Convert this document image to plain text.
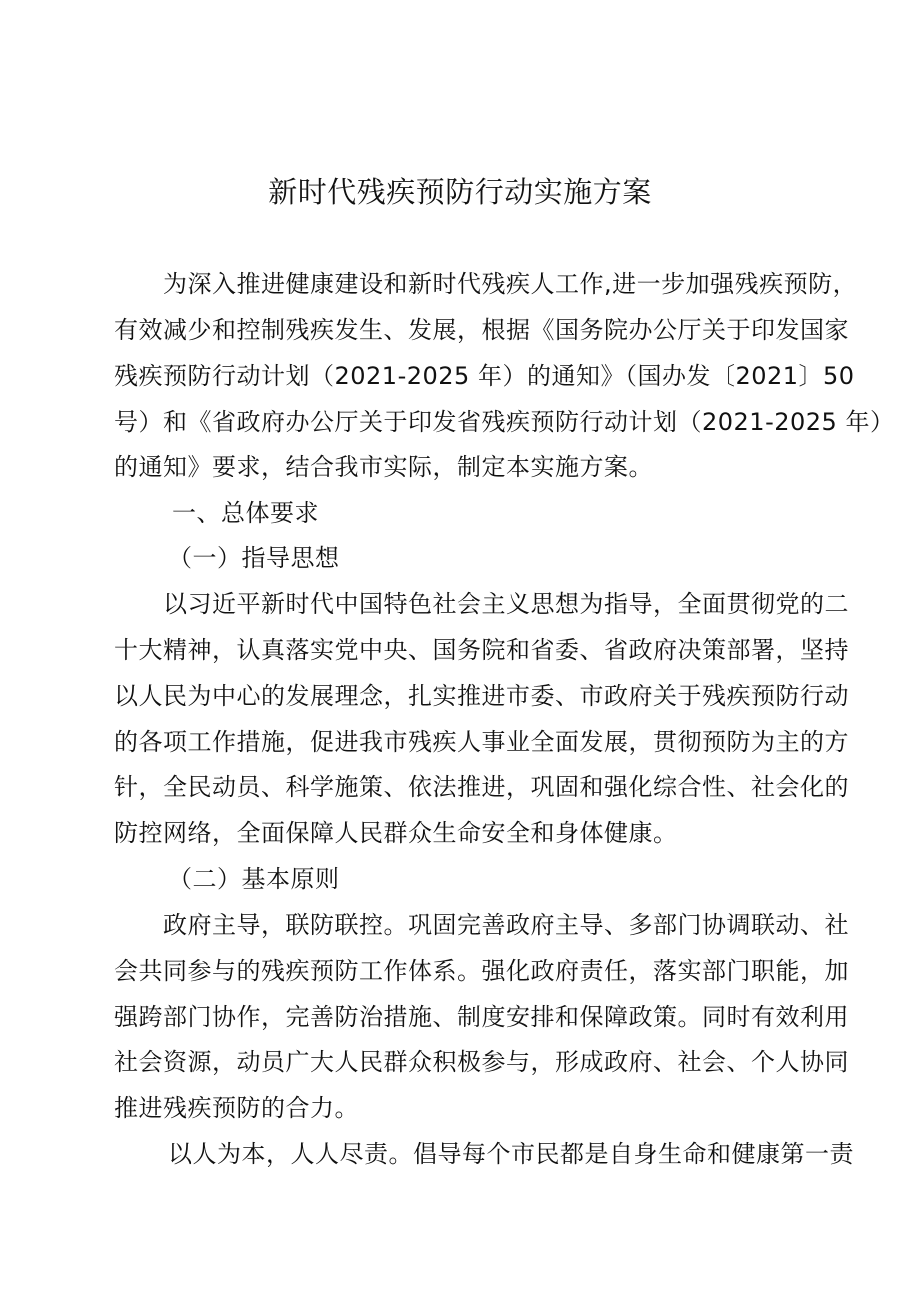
新时代残疾预防行动实施方案
为深入推进健康建设和新时代残疾人工作,进一步加强残疾预防，
有效减少和控制残疾发生、发展，根据《国务院办公厅关于印发国家
残疾预防行动计划（2021-2025 年）的通知》（国办发〔2021〕50
号）和《省政府办公厅关于印发省残疾预防行动计划（2021-2025 年）
的通知》要求，结合我市实际，制定本实施方案。
一、总体要求
（一）指导思想
以习近平新时代中国特色社会主义思想为指导，全面贯彻党的二
十大精神，认真落实党中央、国务院和省委、省政府决策部署，坚持
以人民为中心的发展理念，扎实推进市委、市政府关于残疾预防行动
的各项工作措施，促进我市残疾人事业全面发展，贯彻预防为主的方
针，全民动员、科学施策、依法推进，巩固和强化综合性、社会化的
防控网络，全面保障人民群众生命安全和身体健康。
（二）基本原则
政府主导，联防联控。巩固完善政府主导、多部门协调联动、社
会共同参与的残疾预防工作体系。强化政府责任，落实部门职能，加
强跨部门协作，完善防治措施、制度安排和保障政策。同时有效利用
社会资源，动员广大人民群众积极参与，形成政府、社会、个人协同
推进残疾预防的合力。
以人为本，人人尽责。倡导每个市民都是自身生命和健康第一责
